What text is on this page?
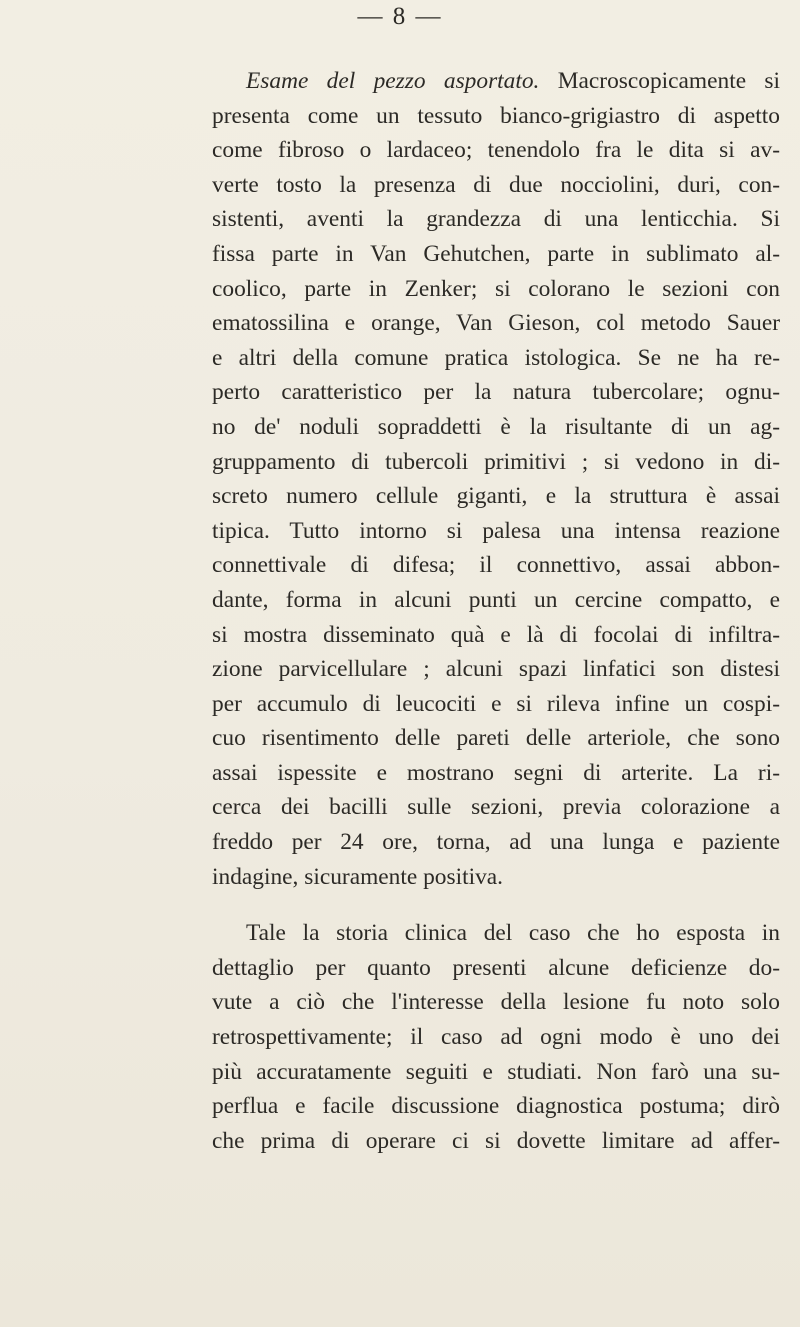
— 8 —
Esame del pezzo asportato. Macroscopicamente si
presenta come un tessuto bianco-grigiastro di aspetto
come fibroso o lardaceo; tenendolo fra le dita si av-
verte tosto la presenza di due nocciolini, duri, con-
sistenti, aventi la grandezza di una lenticchia. Si
fissa parte in Van Gehutchen, parte in sublimato al-
coolico, parte in Zenker; si colorano le sezioni con
ematossilina e orange, Van Gieson, col metodo Sauer
e altri della comune pratica istologica. Se ne ha re-
perto caratteristico per la natura tubercolare; ognu-
no de' noduli sopraddetti è la risultante di un ag-
gruppamento di tubercoli primitivi ; si vedono in di-
screto numero cellule giganti, e la struttura è assai
tipica. Tutto intorno si palesa una intensa reazione
connettivale di difesa; il connettivo, assai abbon-
dante, forma in alcuni punti un cercine compatto, e
si mostra disseminato quà e là di focolai di infiltra-
zione parvicellulare ; alcuni spazi linfatici son distesi
per accumulo di leucociti e si rileva infine un cospi-
cuo risentimento delle pareti delle arteriole, che sono
assai ispessite e mostrano segni di arterite. La ri-
cerca dei bacilli sulle sezioni, previa colorazione a
freddo per 24 ore, torna, ad una lunga e paziente
indagine, sicuramente positiva.
Tale la storia clinica del caso che ho esposta in
dettaglio per quanto presenti alcune deficienze do-
vute a ciò che l'interesse della lesione fu noto solo
retrospettivamente; il caso ad ogni modo è uno dei
più accuratamente seguiti e studiati. Non farò una su-
perflua e facile discussione diagnostica postuma; dirò
che prima di operare ci si dovette limitare ad affer-
